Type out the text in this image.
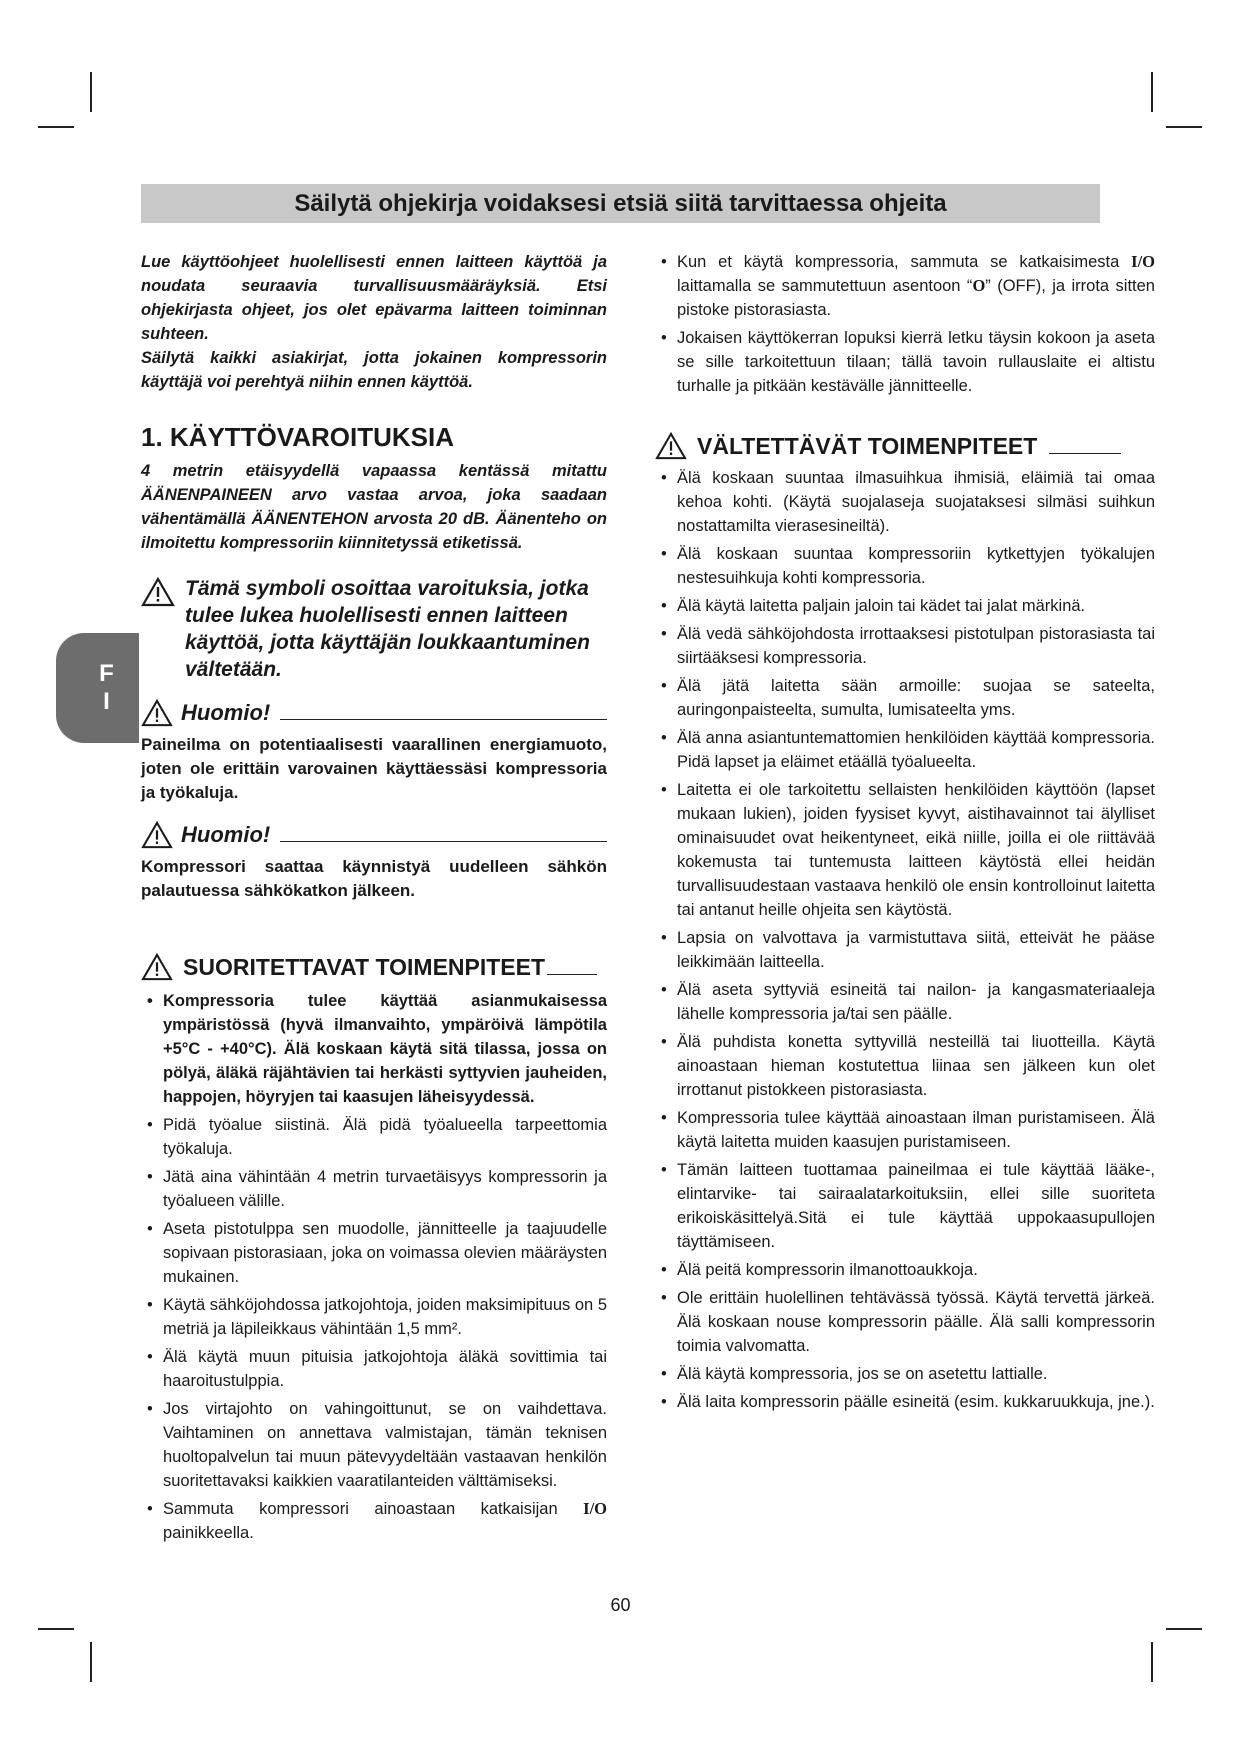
Säilytä ohjekirja voidaksesi etsiä siitä tarvittaessa ohjeita
F
I

Lue käyttöohjeet huolellisesti ennen laitteen käyttöä ja noudata seuraavia turvallisuusmääräyksiä. Etsi ohjekirjasta ohjeet, jos olet epävarma laitteen toiminnan suhteen.

Säilytä kaikki asiakirjat, jotta jokainen kompressorin käyttäjä voi perehtyä niihin ennen käyttöä.

1. KÄYTTÖVAROITUKSIA

4 metrin etäisyydellä vapaassa kentässä mitattu ÄÄNENPAINEEN arvo vastaa arvoa, joka saadaan vähentämällä ÄÄNENTEHON arvosta 20 dB. Äänenteho on ilmoitettu kompressoriin kiinnitetyssä etiketissä.

Tämä symboli osoittaa varoituksia, jotka tulee lukea huolellisesti ennen laitteen käyttöä, jotta käyttäjän loukkaantuminen vältetään.

Huomio!

Paineilma on potentiaalisesti vaarallinen energiamuoto, joten ole erittäin varovainen käyttäessäsi kompressoria ja työkaluja.

Huomio!

Kompressori saattaa käynnistyä uudelleen sähkön palautuessa sähkökatkon jälkeen.

SUORITETTAVAT TOIMENPITEET
• Kompressoria tulee käyttää asianmukaisessa ympäristössä (hyvä ilmanvaihto, ympäröivä lämpötila +5°C - +40°C). Älä koskaan käytä sitä tilassa, jossa on pölyä, äläkä räjähtävien tai herkästi syttyvien jauheiden, happojen, höyryjen tai kaasujen läheisyydessä.
• Pidä työalue siistinä. Älä pidä työalueella tarpeettomia työkaluja.
• Jätä aina vähintään 4 metrin turvaetäisyys kompressorin ja työalueen välille.
• Aseta pistotulppa sen muodolle, jännitteelle ja taajuudelle sopivaan pistorasiaan, joka on voimassa olevien määräysten mukainen.
• Käytä sähköjohdossa jatkojohtoja, joiden maksimipituus on 5 metriä ja läpileikkaus vähintään 1,5 mm².
• Älä käytä muun pituisia jatkojohtoja äläkä sovittimia tai haaroitustulppia.
• Jos virtajohto on vahingoittunut, se on vaihdettava. Vaihtaminen on annettava valmistajan, tämän teknisen huoltopalvelun tai muun pätevyydeltään vastaavan henkilön suoritettavaksi kaikkien vaaratilanteiden välttämiseksi.
• Sammuta kompressori ainoastaan katkaisijan I/O painikkeella.
• Kun et käytä kompressoria, sammuta se katkaisimesta I/O laittamalla se sammutettuun asentoon “O” (OFF), ja irrota sitten pistoke pistorasiasta.
• Jokaisen käyttökerran lopuksi kierrä letku täysin kokoon ja aseta se sille tarkoitettuun tilaan; tällä tavoin rullauslaite ei altistu turhalle ja pitkään kestävälle jännitteelle.
VÄLTETTÄVÄT TOIMENPITEET
• Älä koskaan suuntaa ilmasuihkua ihmisiä, eläimiä tai omaa kehoa kohti. (Käytä suojalaseja suojataksesi silmäsi suihkun nostattamilta vierasesineiltä).
• Älä koskaan suuntaa kompressoriin kytkettyjen työkalujen nestesuihkuja kohti kompressoria.
• Älä käytä laitetta paljain jaloin tai kädet tai jalat märkinä.
• Älä vedä sähköjohdosta irrottaaksesi pistotulpan pistorasiasta tai siirtääksesi kompressoria.
• Älä jätä laitetta sään armoille: suojaa se sateelta, auringonpaisteelta, sumulta, lumisateelta yms.
• Älä anna asiantuntemattomien henkilöiden käyttää kompressoria. Pidä lapset ja eläimet etäällä työalueelta.
• Laitetta ei ole tarkoitettu sellaisten henkilöiden käyttöön (lapset mukaan lukien), joiden fyysiset kyvyt, aistihavainnot tai älylliset ominaisuudet ovat heikentyneet, eikä niille, joilla ei ole riittävää kokemusta tai tuntemusta laitteen käytöstä ellei heidän turvallisuudestaan vastaava henkilö ole ensin kontrolloinut laitetta tai antanut heille ohjeita sen käytöstä.
• Lapsia on valvottava ja varmistuttava siitä, etteivät he pääse leikkimään laitteella.
• Älä aseta syttyviä esineitä tai nailon- ja kangasmateriaaleja lähelle kompressoria ja/tai sen päälle.
• Älä puhdista konetta syttyvillä nesteillä tai liuotteilla. Käytä ainoastaan hieman kostutettua liinaa sen jälkeen kun olet irrottanut pistokkeen pistorasiasta.
• Kompressoria tulee käyttää ainoastaan ilman puristamiseen. Älä käytä laitetta muiden kaasujen puristamiseen.
• Tämän laitteen tuottamaa paineilmaa ei tule käyttää lääke-, elintarvike- tai sairaalatarkoituksiin, ellei sille suoriteta erikoiskäsittelyä.Sitä ei tule käyttää uppokaasupullojen täyttämiseen.
• Älä peitä kompressorin ilmanottoaukkoja.
• Ole erittäin huolellinen tehtävässä työssä. Käytä tervettä järkeä. Älä koskaan nouse kompressorin päälle. Älä salli kompressorin toimia valvomatta.
• Älä käytä kompressoria, jos se on asetettu lattialle.
• Älä laita kompressorin päälle esineitä (esim. kukkaruukkuja, jne.).
60
